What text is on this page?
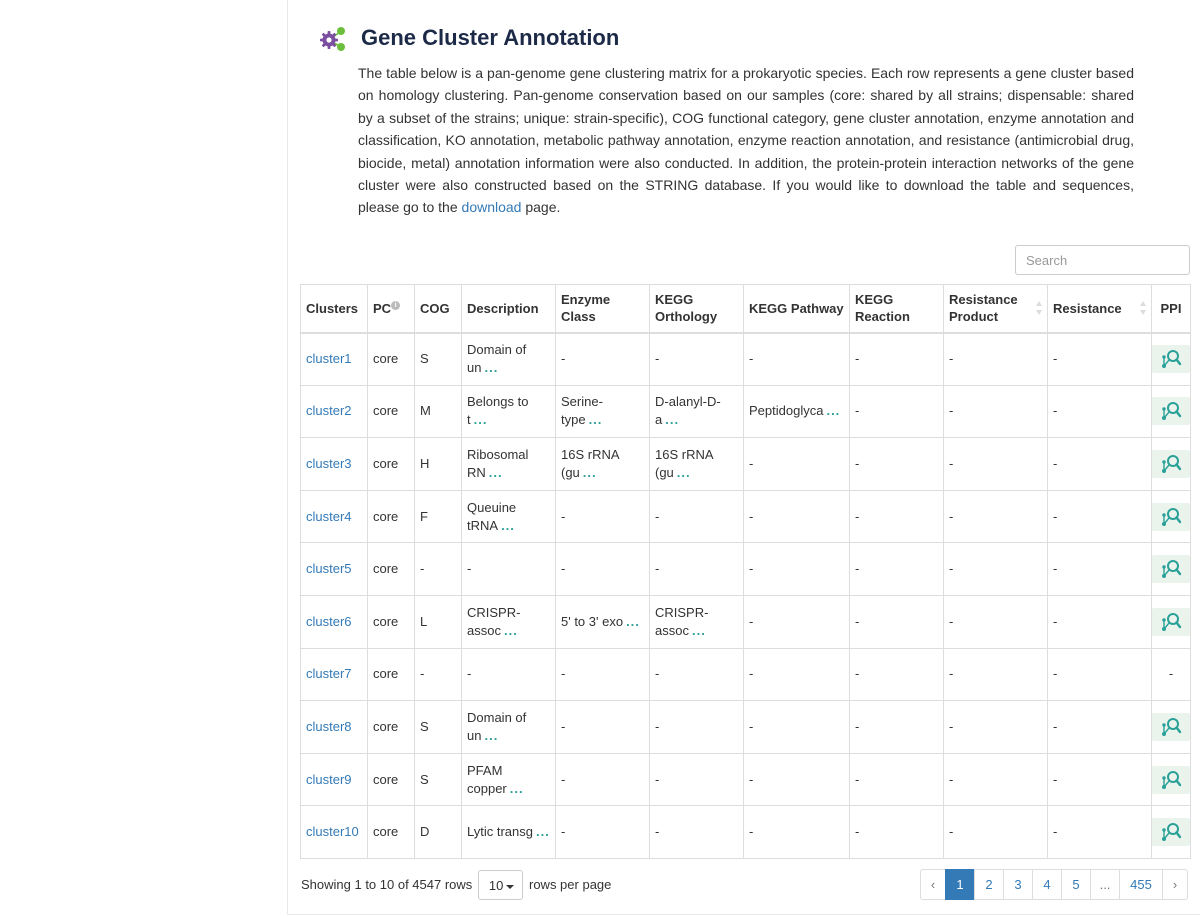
Gene Cluster Annotation

The table below is a pan-genome gene clustering matrix for a prokaryotic species. Each row represents a gene cluster based on homology clustering. Pan-genome conservation based on our samples (core: shared by all strains; dispensable: shared by a subset of the strains; unique: strain-specific), COG functional category, gene cluster annotation, enzyme annotation and classification, KO annotation, metabolic pathway annotation, enzyme reaction annotation, and resistance (antimicrobial drug, biocide, metal) annotation information were also conducted. In addition, the protein-protein interaction networks of the gene cluster were also constructed based on the STRING database. If you would like to download the table and sequences, please go to the download page.

Search
Clusters	PC i	COG	Description	Enzyme Class	KEGG Orthology	KEGG Pathway	KEGG Reaction	Resistance Product	Resistance	PPI
cluster1	core	S	Domain of un ...	-	-	-	-	-	-	

cluster2	core	M	Belongs to t ...	Serine-type ...	D-alanyl-D-a ...	Peptidoglyca ...	-	-	-	

cluster3	core	H	Ribosomal RN ...	16S rRNA (gu ...	16S rRNA (gu ...	-	-	-	-	

cluster4	core	F	Queuine tRNA ...	-	-	-	-	-	-	

cluster5	core	-	-	-	-	-	-	-	-	

cluster6	core	L	CRISPR-assoc ...	5' to 3' exo ...	CRISPR-assoc ...	-	-	-	-	

cluster7	core	-	-	-	-	-	-	-	-	-
cluster8	core	S	Domain of un ...	-	-	-	-	-	-	

cluster9	core	S	PFAM copper ...	-	-	-	-	-	-	

cluster10	core	D	Lytic transg ...	-	-	-	-	-	-	
Showing 1 to 10 of 4547 rows 10 rows per page	‹	1	2	3	4	5	...	455	›
